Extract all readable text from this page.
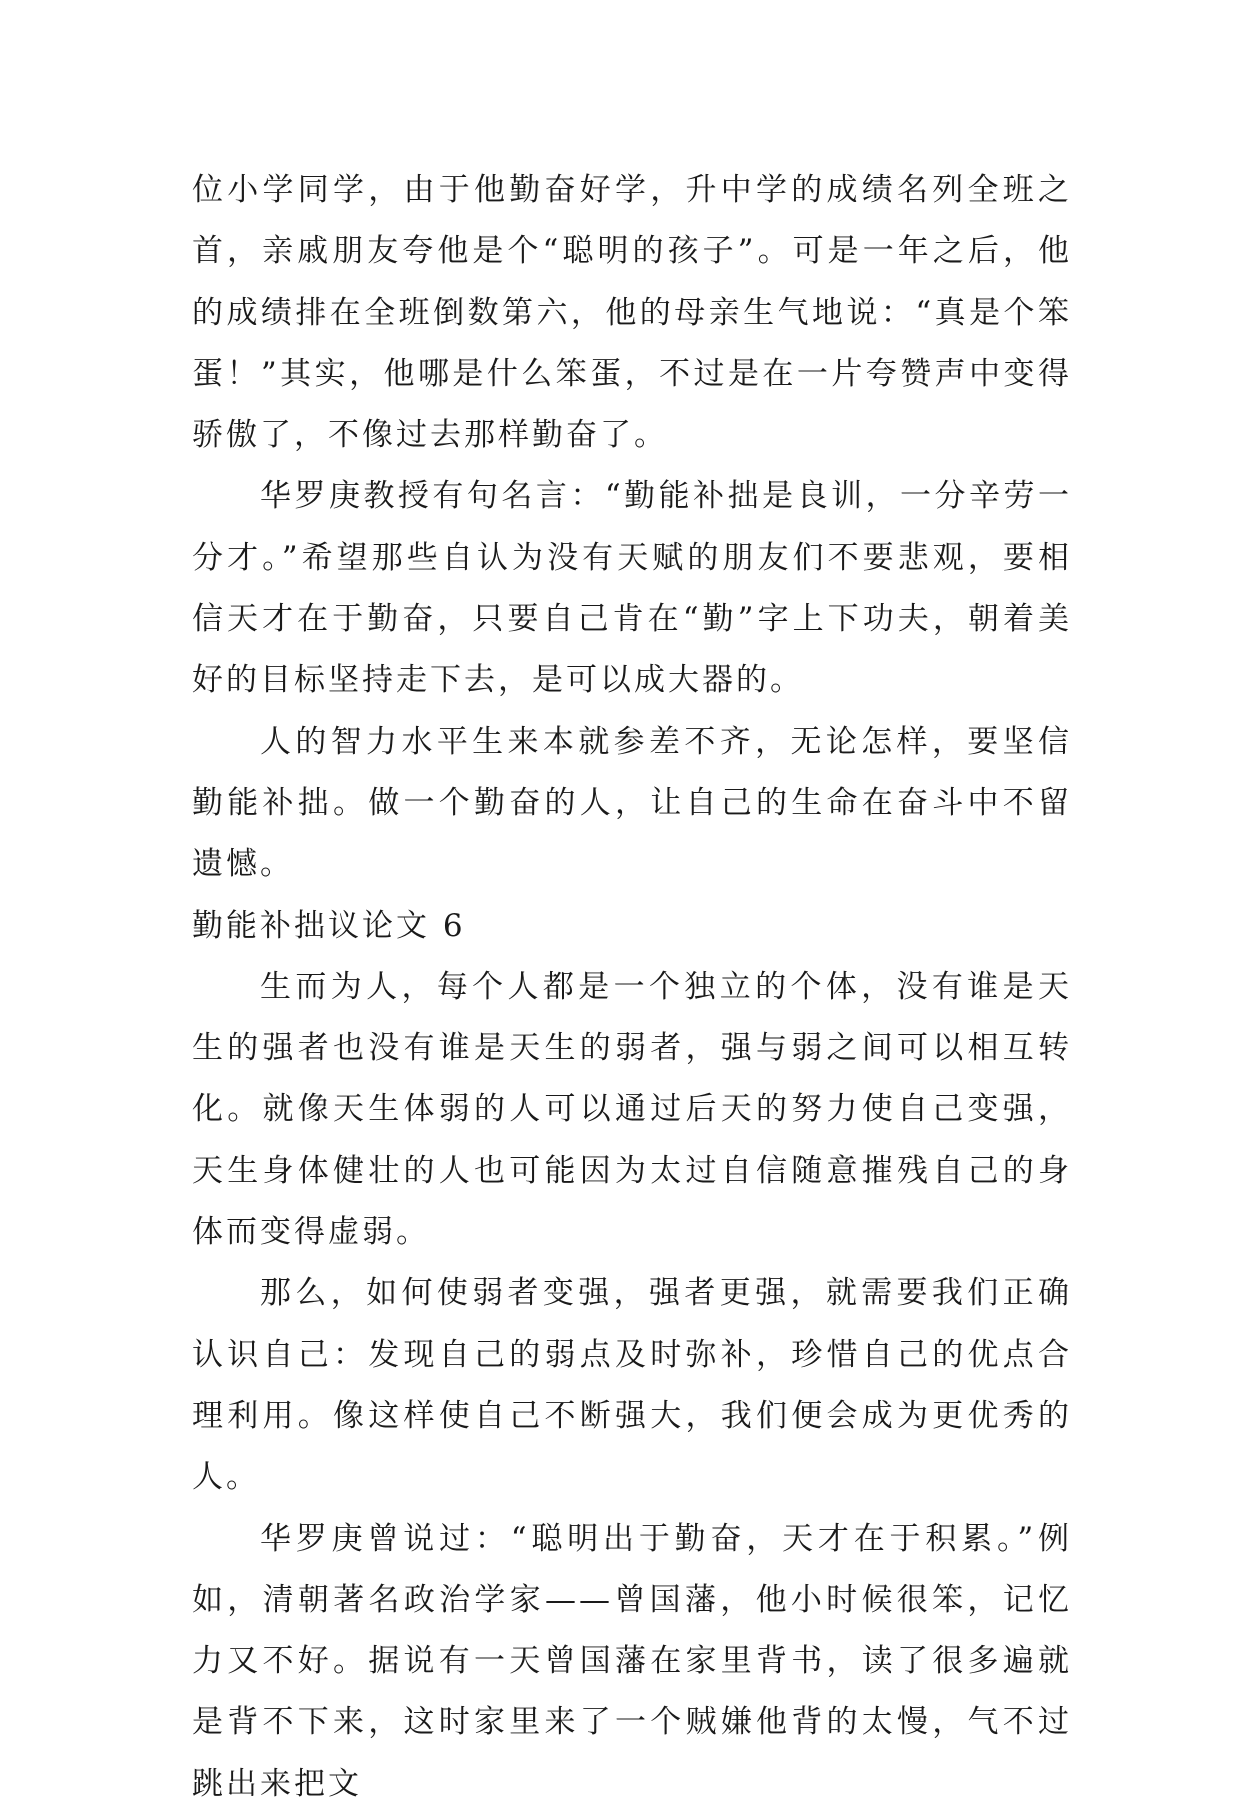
位小学同学，由于他勤奋好学，升中学的成绩名列全班之首，亲戚朋友夸他是个“聪明的孩子”。可是一年之后，他的成绩排在全班倒数第六，他的母亲生气地说：“真是个笨蛋！”其实，他哪是什么笨蛋，不过是在一片夸赞声中变得骄傲了，不像过去那样勤奋了。

华罗庚教授有句名言：“勤能补拙是良训，一分辛劳一分才。”希望那些自认为没有天赋的朋友们不要悲观，要相信天才在于勤奋，只要自己肯在“勤”字上下功夫，朝着美好的目标坚持走下去，是可以成大器的。

人的智力水平生来本就参差不齐，无论怎样，要坚信勤能补拙。做一个勤奋的人，让自己的生命在奋斗中不留遗憾。

勤能补拙议论文 6

生而为人，每个人都是一个独立的个体，没有谁是天生的强者也没有谁是天生的弱者，强与弱之间可以相互转化。就像天生体弱的人可以通过后天的努力使自己变强，天生身体健壮的人也可能因为太过自信随意摧残自己的身体而变得虚弱。

那么，如何使弱者变强，强者更强，就需要我们正确认识自己：发现自己的弱点及时弥补，珍惜自己的优点合理利用。像这样使自己不断强大，我们便会成为更优秀的人。

华罗庚曾说过：“聪明出于勤奋，天才在于积累。”例如，清朝著名政治学家——曾国藩，他小时候很笨，记忆力又不好。据说有一天曾国藩在家里背书，读了很多遍就是背不下来，这时家里来了一个贼嫌他背的太慢，气不过跳出来把文
